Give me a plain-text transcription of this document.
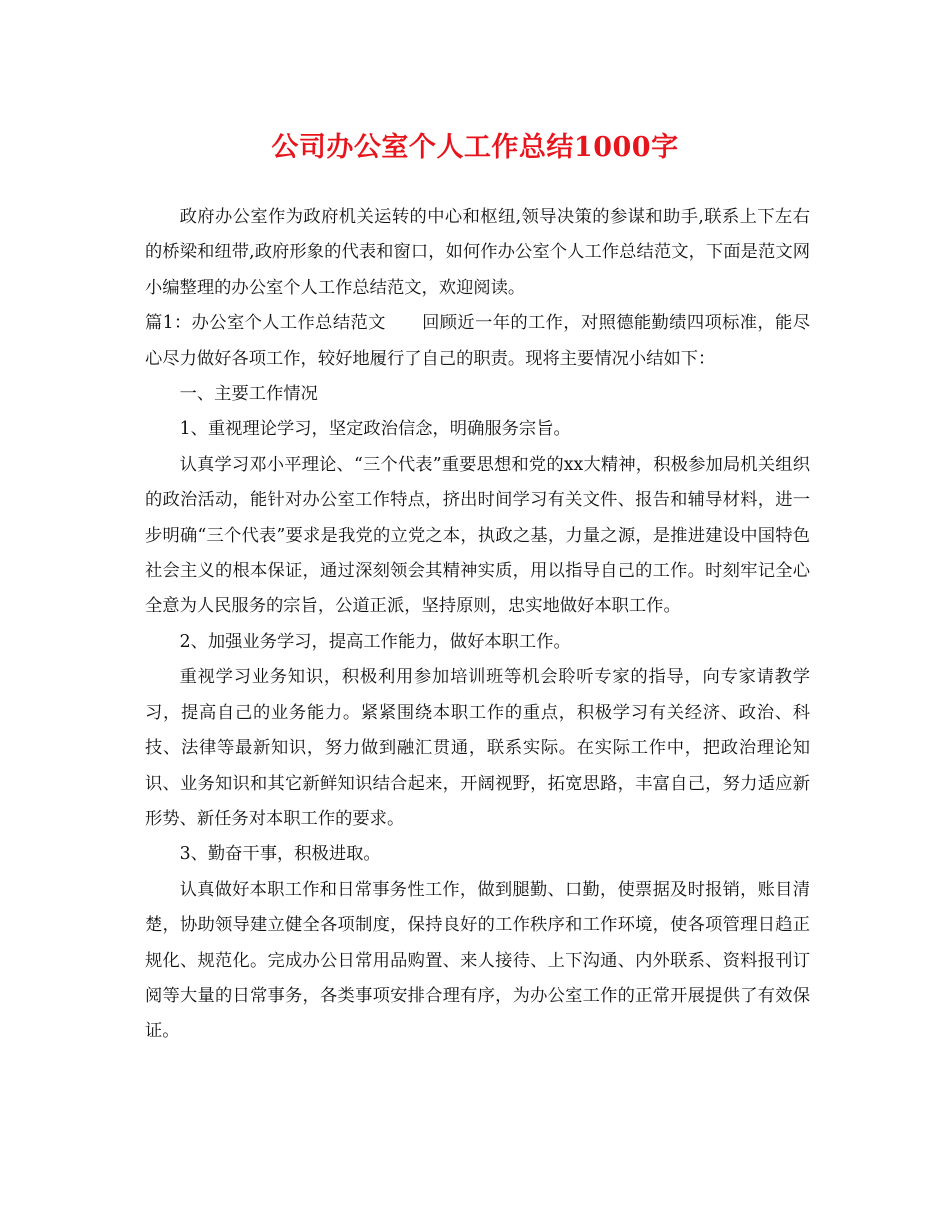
公司办公室个人工作总结1000字

政府办公室作为政府机关运转的中心和枢纽,领导决策的参谋和助手,联系上下左右的桥梁和纽带,政府形象的代表和窗口，如何作办公室个人工作总结范文，下面是范文网小编整理的办公室个人工作总结范文，欢迎阅读。

篇1：办公室个人工作总结范文 回顾近一年的工作，对照德能勤绩四项标准，能尽心尽力做好各项工作，较好地履行了自己的职责。现将主要情况小结如下：

一、主要工作情况

1、重视理论学习，坚定政治信念，明确服务宗旨。

认真学习邓小平理论、“三个代表”重要思想和党的xx大精神，积极参加局机关组织的政治活动，能针对办公室工作特点，挤出时间学习有关文件、报告和辅导材料，进一步明确“三个代表”要求是我党的立党之本，执政之基，力量之源，是推进建设中国特色社会主义的根本保证，通过深刻领会其精神实质，用以指导自己的工作。时刻牢记全心全意为人民服务的宗旨，公道正派，坚持原则，忠实地做好本职工作。

2、加强业务学习，提高工作能力，做好本职工作。

重视学习业务知识，积极利用参加培训班等机会聆听专家的指导，向专家请教学习，提高自己的业务能力。紧紧围绕本职工作的重点，积极学习有关经济、政治、科技、法律等最新知识，努力做到融汇贯通，联系实际。在实际工作中，把政治理论知识、业务知识和其它新鲜知识结合起来，开阔视野，拓宽思路，丰富自己，努力适应新形势、新任务对本职工作的要求。

3、勤奋干事，积极进取。

认真做好本职工作和日常事务性工作，做到腿勤、口勤，使票据及时报销，账目清楚，协助领导建立健全各项制度，保持良好的工作秩序和工作环境，使各项管理日趋正规化、规范化。完成办公日常用品购置、来人接待、上下沟通、内外联系、资料报刊订阅等大量的日常事务，各类事项安排合理有序，为办公室工作的正常开展提供了有效保证。
